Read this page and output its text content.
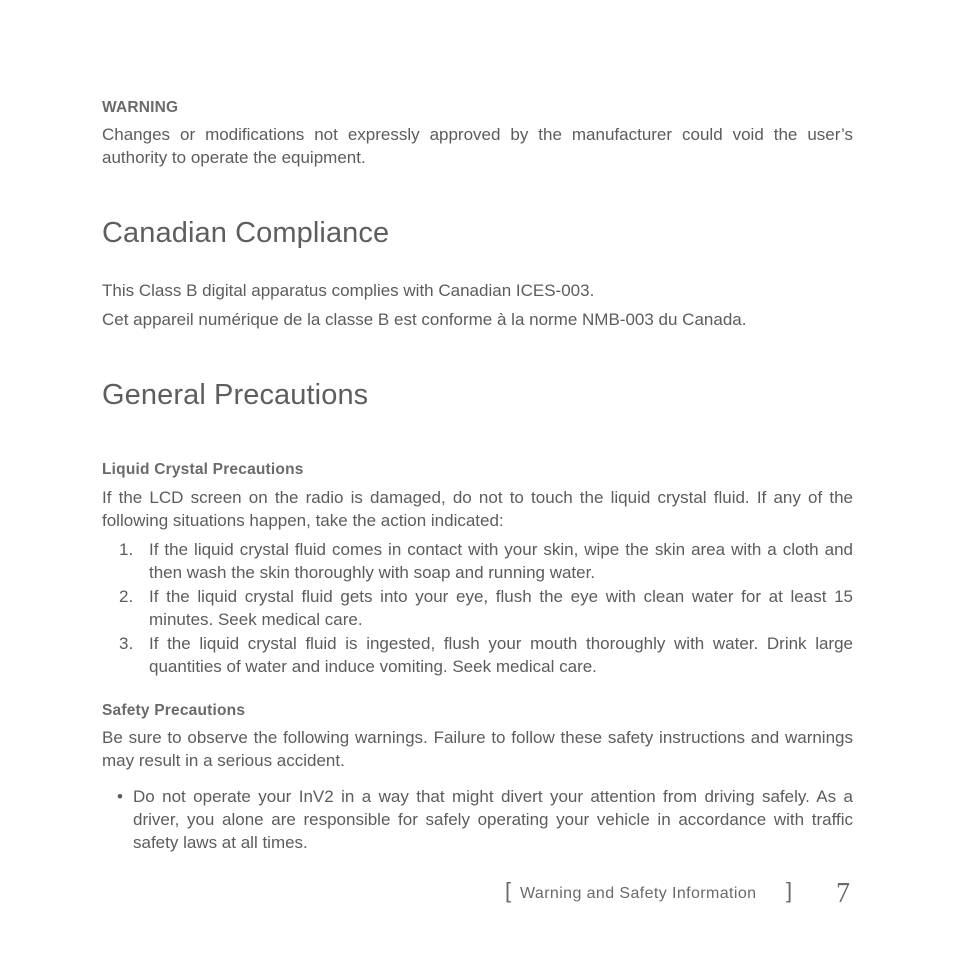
WARNING
Changes or modifications not expressly approved by the manufacturer could void the user’s authority to operate the equipment.
Canadian Compliance
This Class B digital apparatus complies with Canadian ICES-003.
Cet appareil numérique de la classe B est conforme à la norme NMB-003 du Canada.
General Precautions
Liquid Crystal Precautions
If the LCD screen on the radio is damaged, do not to touch the liquid crystal fluid. If any of the following situations happen, take the action indicated:
1. If the liquid crystal fluid comes in contact with your skin, wipe the skin area with a cloth and then wash the skin thoroughly with soap and running water.
2. If the liquid crystal fluid gets into your eye, flush the eye with clean water for at least 15 minutes. Seek medical care.
3. If the liquid crystal fluid is ingested, flush your mouth thoroughly with water. Drink large quantities of water and induce vomiting. Seek medical care.
Safety Precautions
Be sure to observe the following warnings. Failure to follow these safety instructions and warnings may result in a serious accident.
• Do not operate your InV2 in a way that might divert your attention from driving safely. As a driver, you alone are responsible for safely operating your vehicle in accordance with traffic safety laws at all times.
[ Warning and Safety Information ] 7
